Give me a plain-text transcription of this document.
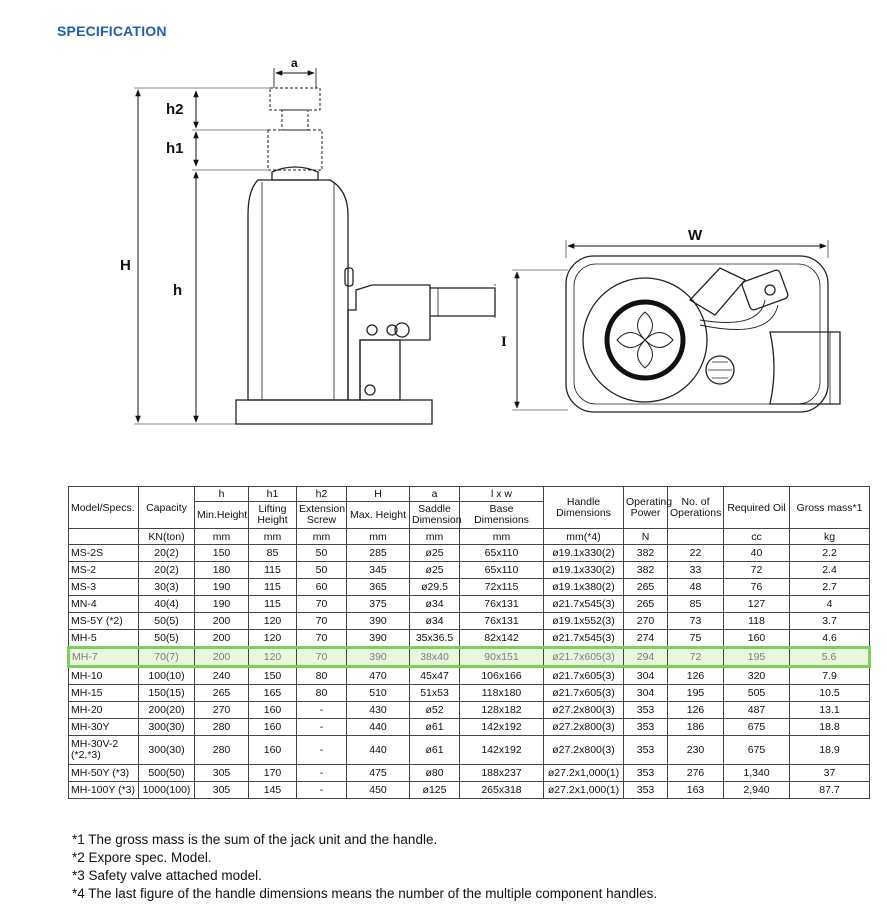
SPECIFICATION
a
h2
h1
H
h
W
I
Model/Specs.	Capacity	h	h1	h2	H	a	l x w	Handle Dimensions	Operating Power	No. of Operations	Required Oil	Gross mass*1
		Min.Height	Lifting Height	Extension Screw	Max. Height	Saddle Dimension	Base Dimensions					
	KN(ton)	mm	mm	mm	mm	mm	mm	mm(*4)	N		cc	kg
MS-2S	20(2)	150	85	50	285	ø25	65x110	ø19.1x330(2)	382	22	40	2.2
MS-2	20(2)	180	115	50	345	ø25	65x110	ø19.1x330(2)	382	33	72	2.4
MS-3	30(3)	190	115	60	365	ø29.5	72x115	ø19.1x380(2)	265	48	76	2.7
MN-4	40(4)	190	115	70	375	ø34	76x131	ø21.7x545(3)	265	85	127	4
MS-5Y (*2)	50(5)	200	120	70	390	ø34	76x131	ø19.1x552(3)	270	73	118	3.7
MH-5	50(5)	200	120	70	390	35x36.5	82x142	ø21.7x545(3)	274	75	160	4.6
MH-7	70(7)	200	120	70	390	38x40	90x151	ø21.7x605(3)	294	72	195	5.6
MH-10	100(10)	240	150	80	470	45x47	106x166	ø21.7x605(3)	304	126	320	7.9
MH-15	150(15)	265	165	80	510	51x53	118x180	ø21.7x605(3)	304	195	505	10.5
MH-20	200(20)	270	160	-	430	ø52	128x182	ø27.2x800(3)	353	126	487	13.1
MH-30Y	300(30)	280	160	-	440	ø61	142x192	ø27.2x800(3)	353	186	675	18.8
MH-30V-2 (*2,*3)	300(30)	280	160	-	440	ø61	142x192	ø27.2x800(3)	353	230	675	18.9
MH-50Y (*3)	500(50)	305	170	-	475	ø80	188x237	ø27.2x1,000(1)	353	276	1,340	37
MH-100Y (*3)	1000(100)	305	145	-	450	ø125	265x318	ø27.2x1,000(1)	353	163	2,940	87.7
*1 The gross mass is the sum of the jack unit and the handle.
*2 Expore spec. Model.
*3 Safety valve attached model.
*4 The last figure of the handle dimensions means the number of the multiple component handles.
